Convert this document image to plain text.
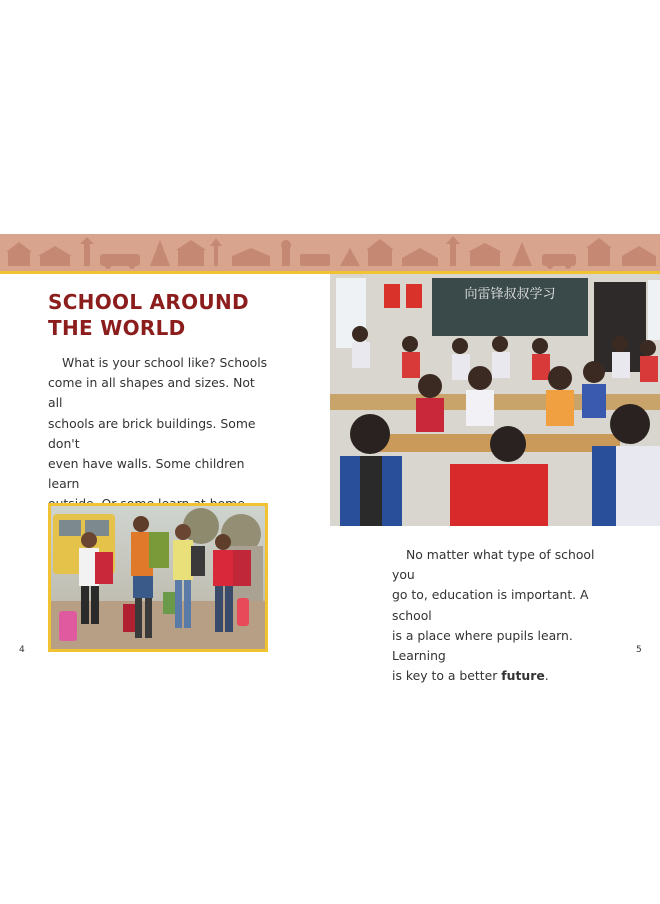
SCHOOL AROUND
THE WORLD

What is your school like? Schools
come in all shapes and sizes. Not all
schools are brick buildings. Some don't
even have walls. Some children learn

4
向雷锋叔叔学习

No matter what type of school you
go to, education is important. A school
is a place where pupils learn. Learning
is key to a better future.

5
